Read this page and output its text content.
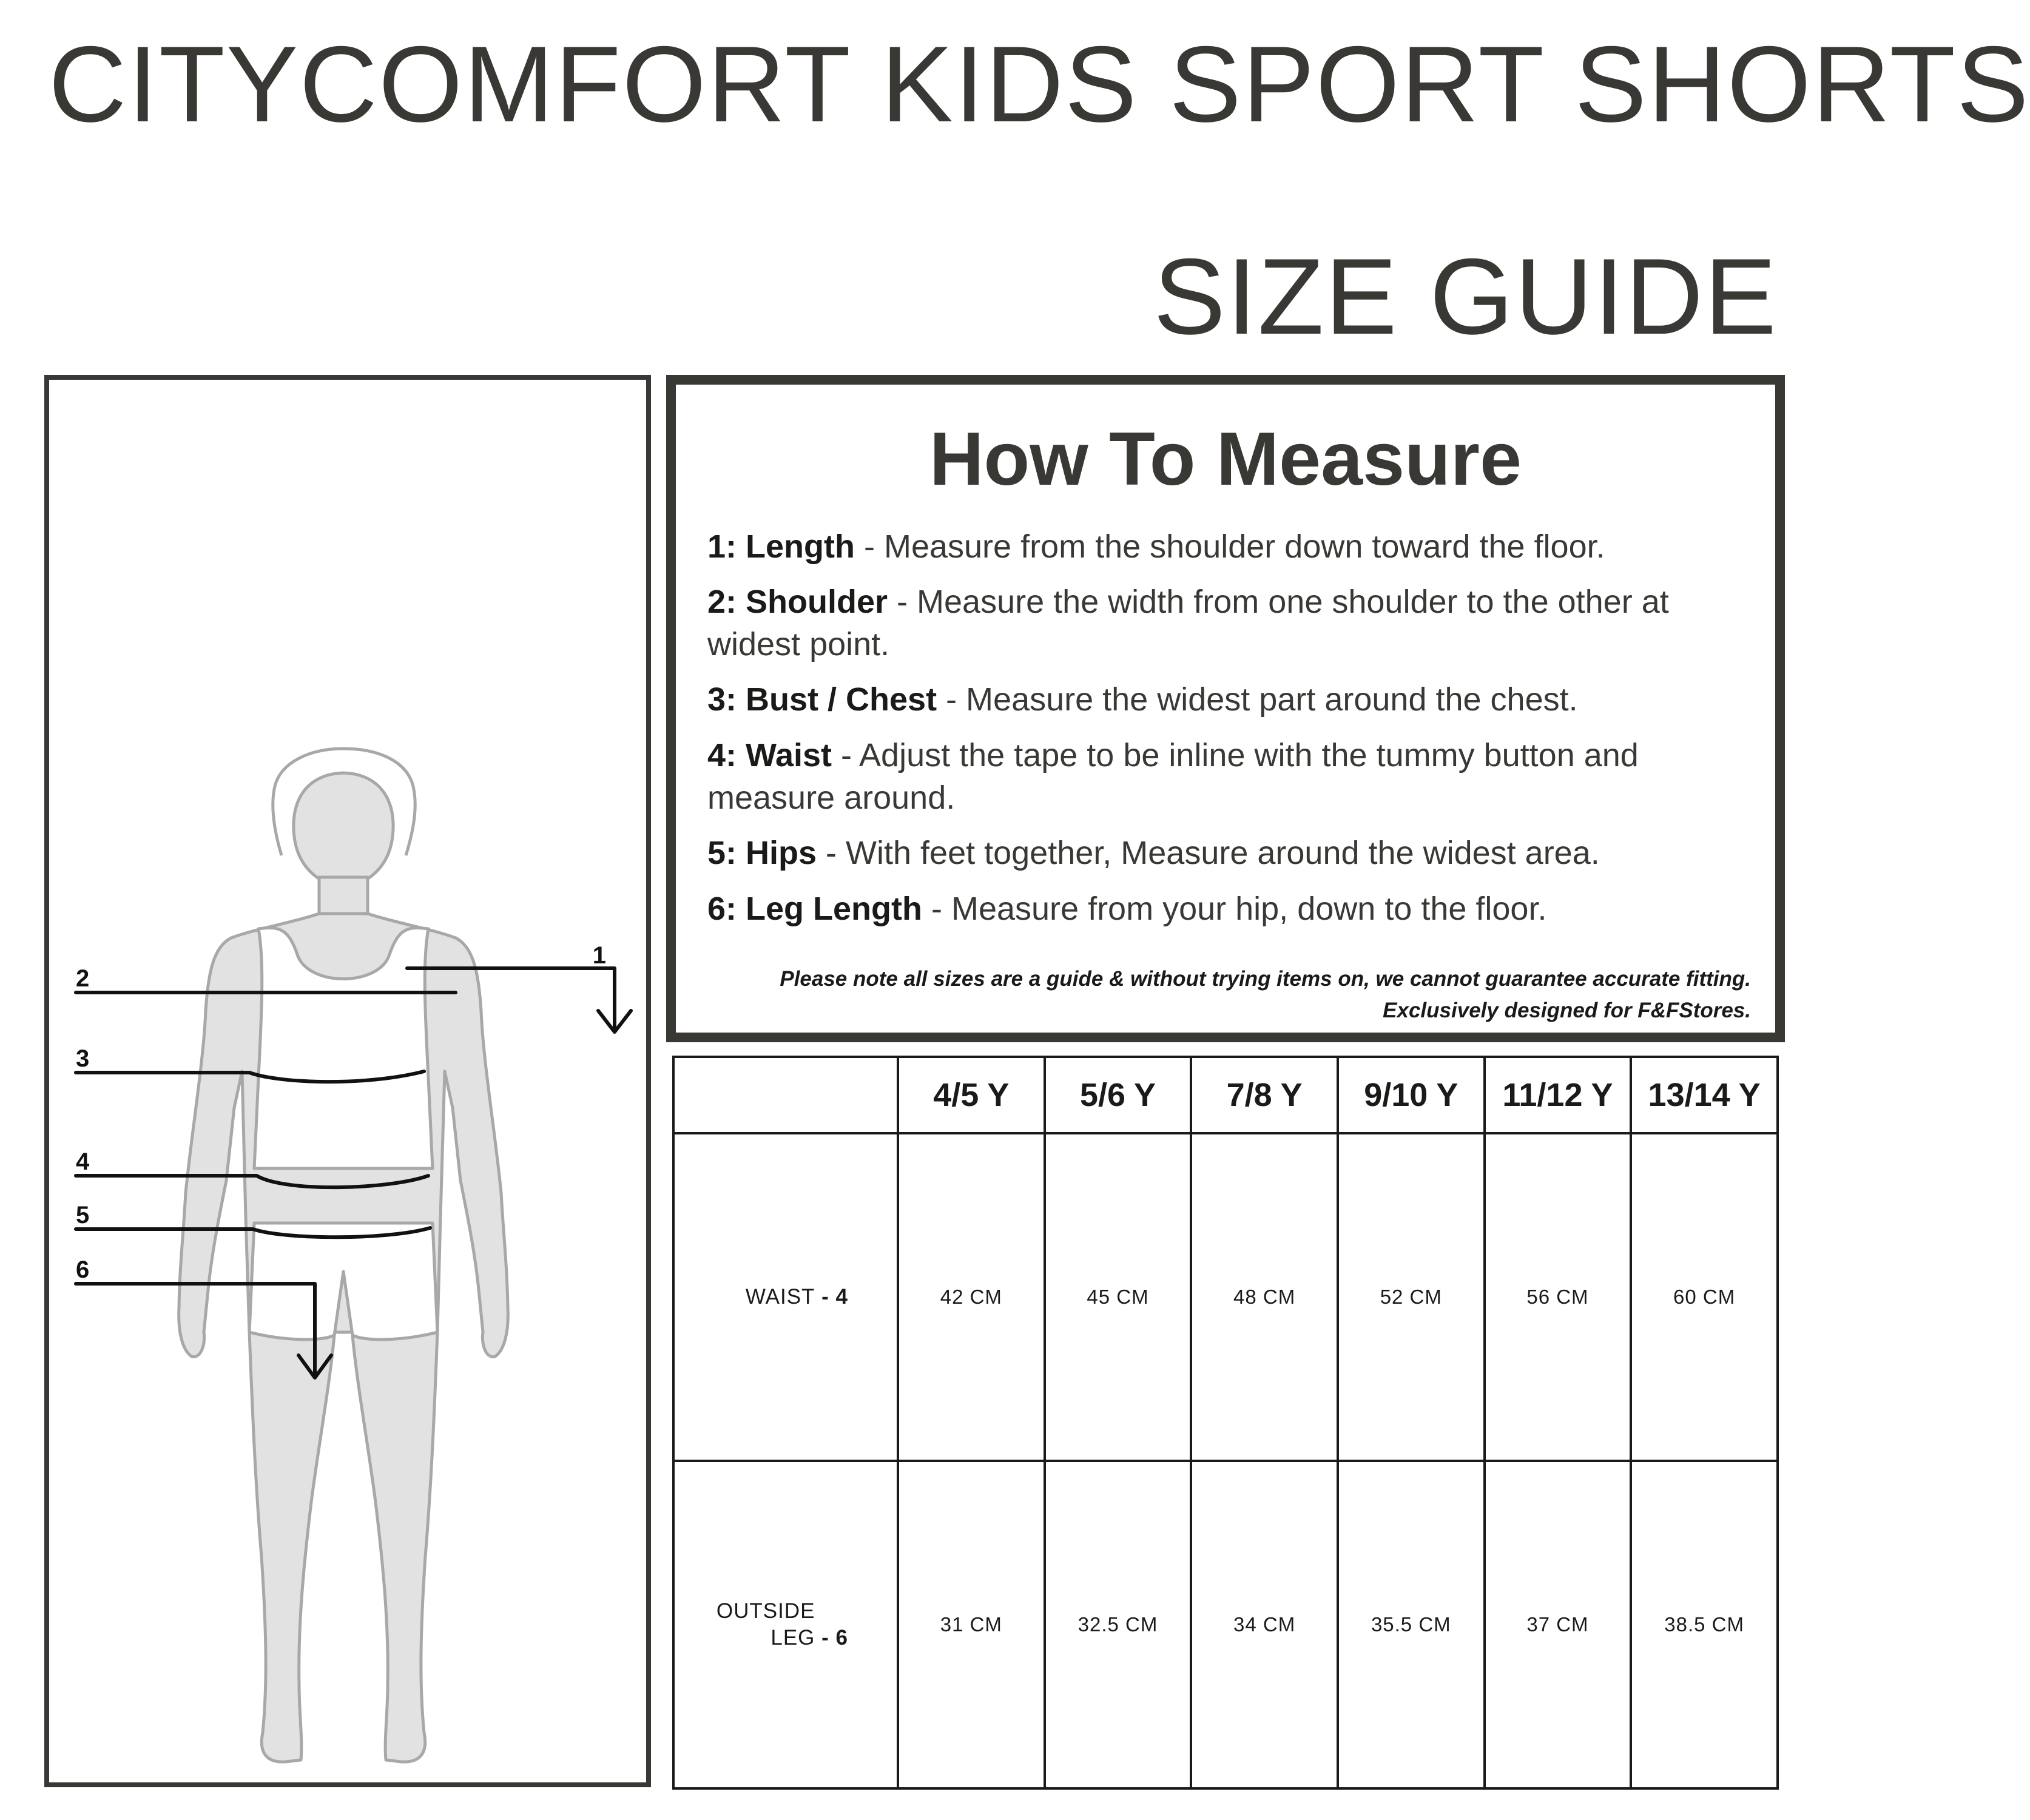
CITYCOMFORT KIDS SPORT SHORTS
SIZE GUIDE
1
2
3
4
5
6
How To Measure
1: Length - Measure from the shoulder down toward the floor.
2: Shoulder - Measure the width from one shoulder to the other at widest point.
3: Bust / Chest - Measure the widest part around the chest.
4: Waist - Adjust the tape to be inline with the tummy button and measure around.
5: Hips - With feet together, Measure around the widest area.
6: Leg Length - Measure from your hip, down to the floor.
Please note all sizes are a guide & without trying items on, we cannot guarantee accurate fitting.
Exclusively designed for F&FStores.
	4/5 Y	5/6 Y	7/8 Y	9/10 Y	11/12 Y	13/14 Y
WAIST - 4	42 CM	45 CM	48 CM	52 CM	56 CM	60 CM
OUTSIDE LEG - 6	31 CM	32.5 CM	34 CM	35.5 CM	37 CM	38.5 CM
